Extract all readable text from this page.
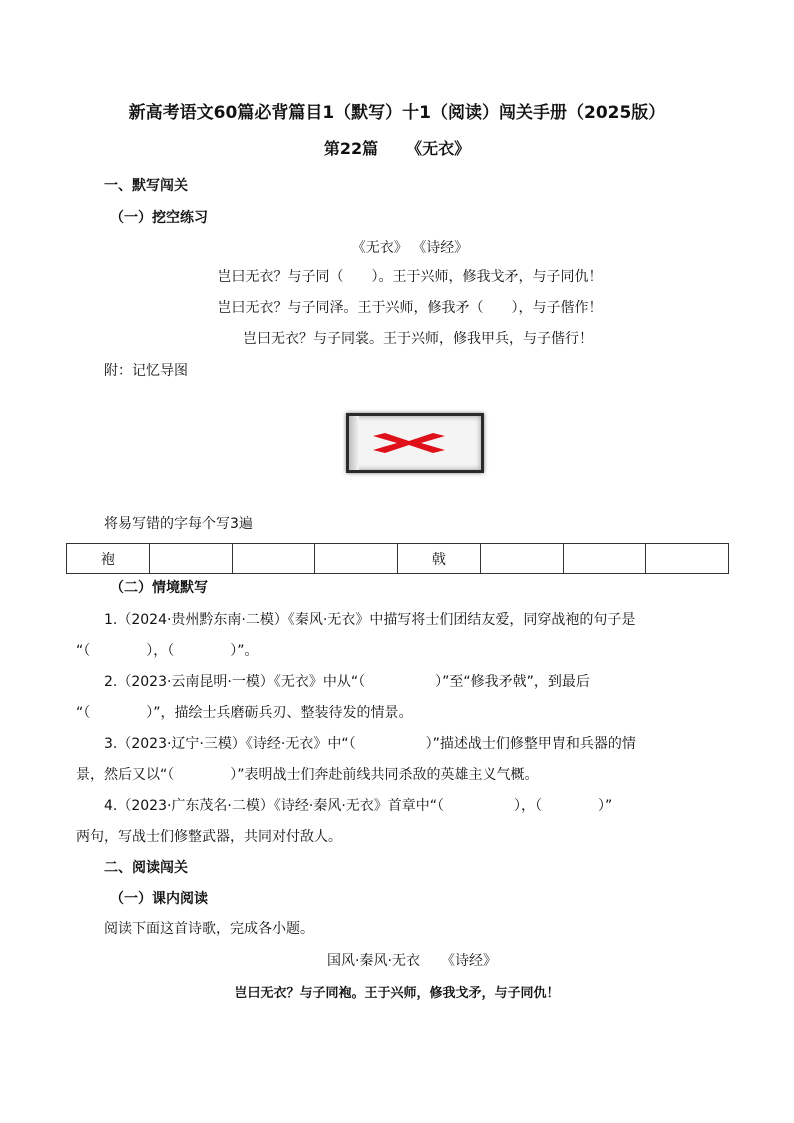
新高考语文60篇必背篇目1（默写）十1（阅读）闯关手册（2025版）
第22篇 《无衣》
一、默写闯关
（一）挖空练习
《无衣》 《诗经》
岂曰无衣？与子同（　　）。王于兴师，修我戈矛，与子同仇！
岂曰无衣？与子同泽。王于兴师，修我矛（　　），与子偕作！
岂曰无衣？与子同裳。王于兴师，修我甲兵，与子偕行！
附：记忆导图
将易写错的字每个写3遍
袍				戟			
（二）情境默写
1.（2024·贵州黔东南·二模）《秦风·无衣》中描写将士们团结友爱，同穿战袍的句子是
“（　　　　），（　　　　）”。
2.（2023·云南昆明·一模）《无衣》中从“（　　　　　）”至“修我矛戟”，到最后
“（　　　　）”，描绘士兵磨砺兵刃、整装待发的情景。
3.（2023·辽宁·三模）《诗经·无衣》中“（　　　　　）”描述战士们修整甲胄和兵器的情
景，然后又以“（　　　　）”表明战士们奔赴前线共同杀敌的英雄主义气概。
4.（2023·广东茂名·二模）《诗经·秦风·无衣》首章中“（　　　　　），（　　　　）”
两句，写战士们修整武器，共同对付敌人。
二、阅读闯关
（一）课内阅读
阅读下面这首诗歌，完成各小题。
国风·秦风·无衣　　《诗经》
岂曰无衣？与子同袍。王于兴师，修我戈矛，与子同仇！
